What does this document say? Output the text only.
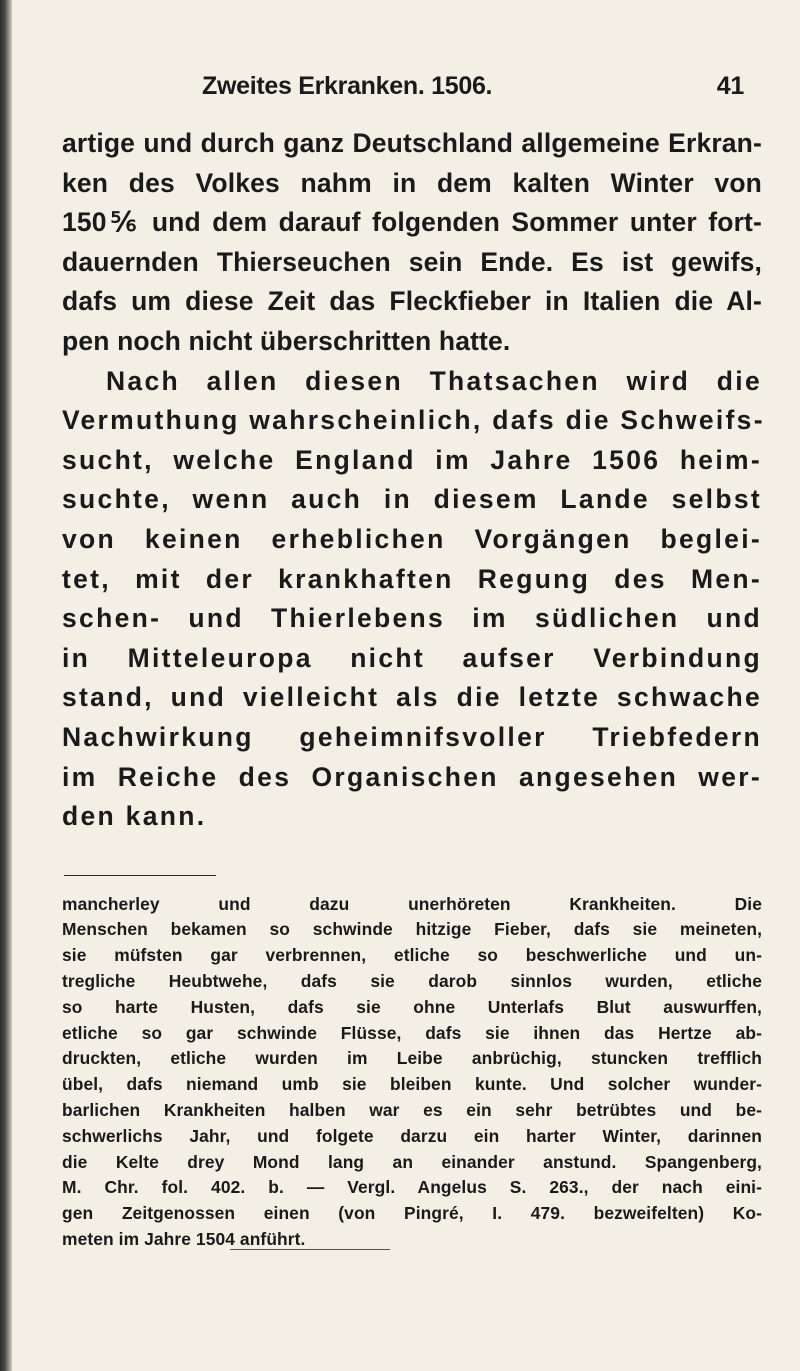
Zweites Erkranken. 1506.	41
artige und durch ganz Deutschland allgemeine Erkran-
ken des Volkes nahm in dem kalten Winter von
150⅚ und dem darauf folgenden Sommer unter fort-
dauernden Thierseuchen sein Ende. Es ist gewifs,
dafs um diese Zeit das Fleckfieber in Italien die Al-
pen noch nicht überschritten hatte.
Nach allen diesen Thatsachen wird die
Vermuthung wahrscheinlich, dafs die Schweifs-
sucht, welche England im Jahre 1506 heim-
suchte, wenn auch in diesem Lande selbst
von keinen erheblichen Vorgängen beglei-
tet, mit der krankhaften Regung des Men-
schen- und Thierlebens im südlichen und
in Mitteleuropa nicht aufser Verbindung
stand, und vielleicht als die letzte schwache
Nachwirkung geheimnifsvoller Triebfedern
im Reiche des Organischen angesehen wer-
den kann.
mancherley und dazu unerhöreten Krankheiten. Die
Menschen bekamen so schwinde hitzige Fieber, dafs sie meineten,
sie müfsten gar verbrennen, etliche so beschwerliche und un-
tregliche Heubtwehe, dafs sie darob sinnlos wurden, etliche
so harte Husten, dafs sie ohne Unterlafs Blut auswurffen,
etliche so gar schwinde Flüsse, dafs sie ihnen das Hertze ab-
druckten, etliche wurden im Leibe anbrüchig, stuncken trefflich
übel, dafs niemand umb sie bleiben kunte. Und solcher wunder-
barlichen Krankheiten halben war es ein sehr betrübtes und be-
schwerlichs Jahr, und folgete darzu ein harter Winter, darinnen
die Kelte drey Mond lang an einander anstund. Spangenberg,
M. Chr. fol. 402. b. — Vergl. Angelus S. 263., der nach eini-
gen Zeitgenossen einen (von Pingré, I. 479. bezweifelten) Ko-
meten im Jahre 1504 anführt.
